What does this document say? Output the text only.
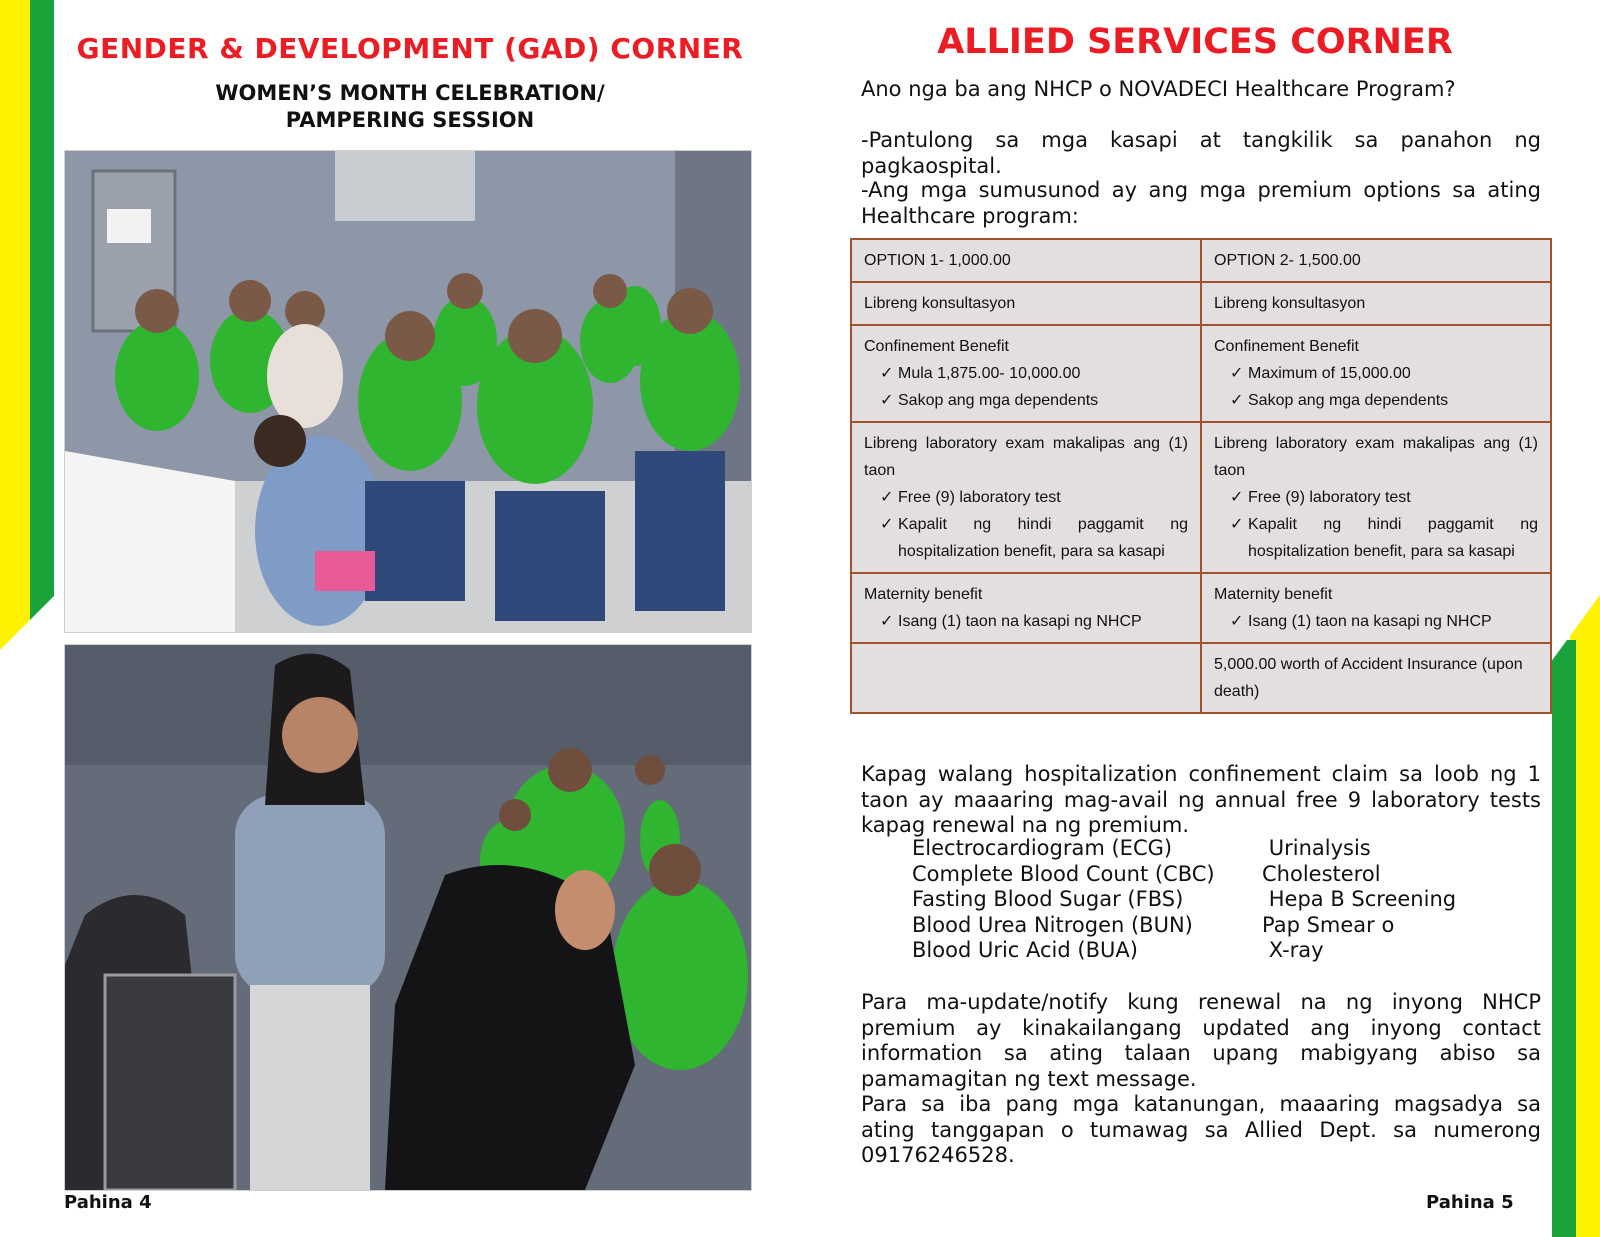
GENDER & DEVELOPMENT (GAD) CORNER
WOMEN’S MONTH CELEBRATION/
PAMPERING SESSION
Pahina 4
ALLIED SERVICES CORNER
Ano nga ba ang NHCP o NOVADECI Healthcare Program?
-Pantulong sa mga kasapi at tangkilik sa panahon ng pagkaospital.
-Ang mga sumusunod ay ang mga premium options sa ating Healthcare program:
OPTION 1- 1,000.00	OPTION 2- 1,500.00
Libreng konsultasyon	Libreng konsultasyon
Confinement Benefit
✓ Mula 1,875.00- 10,000.00
✓ Sakop ang mga dependents	Confinement Benefit
✓ Maximum of 15,000.00
✓ Sakop ang mga dependents

Libreng laboratory exam makalipas ang (1) taon
✓ Free (9) laboratory test
✓ Kapalit ng hindi paggamit ng hospitalization benefit, para sa kasapi	Libreng laboratory exam makalipas ang (1) taon
✓ Free (9) laboratory test
✓ Kapalit ng hindi paggamit ng hospitalization benefit, para sa kasapi

Maternity benefit
✓ Isang (1) taon na kasapi ng NHCP	Maternity benefit
✓ Isang (1) taon na kasapi ng NHCP

	5,000.00 worth of Accident Insurance (upon death)
Kapag walang hospitalization confinement claim sa loob ng 1 taon ay maaaring mag-avail ng annual free 9 laboratory tests kapag renewal na ng premium.
Electrocardiogram (ECG)	Urinalysis
Complete Blood Count (CBC)	Cholesterol
Fasting Blood Sugar (FBS)	Hepa B Screening
Blood Urea Nitrogen (BUN)	Pap Smear o
Blood Uric Acid (BUA)	X-ray
Para ma-update/notify kung renewal na ng inyong NHCP premium ay kinakailangang updated ang inyong contact information sa ating talaan upang mabigyang abiso sa pamamagitan ng text message.
Para sa iba pang mga katanungan, maaaring magsadya sa ating tanggapan o tumawag sa Allied Dept. sa numerong 09176246528.
Pahina 5
